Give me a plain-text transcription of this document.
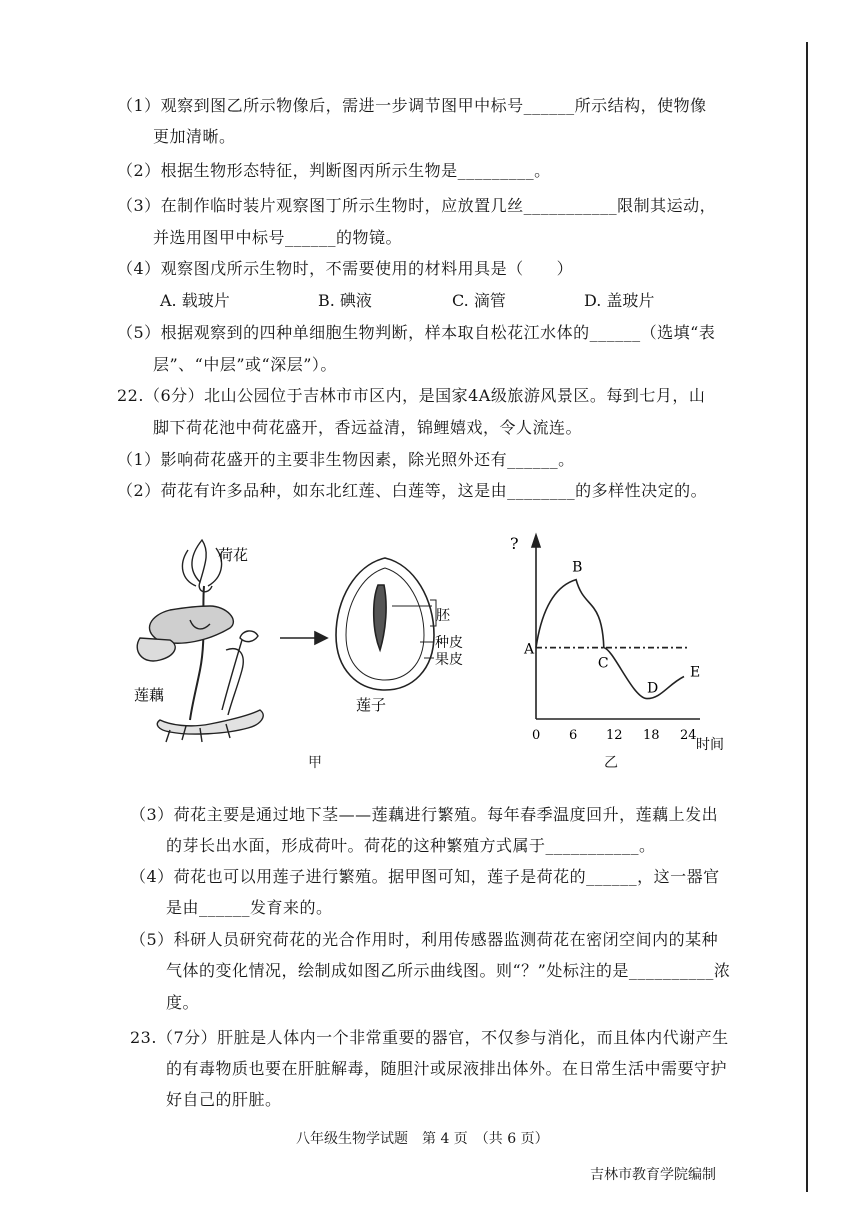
（1）观察到图乙所示物像后，需进一步调节图甲中标号______所示结构，使物像
更加清晰。
（2）根据生物形态特征，判断图丙所示生物是_________。
（3）在制作临时装片观察图丁所示生物时，应放置几丝___________限制其运动，
并选用图甲中标号______的物镜。
（4）观察图戊所示生物时，不需要使用的材料用具是（　　）
A. 载玻片	B. 碘液	C. 滴管	D. 盖玻片
（5）根据观察到的四种单细胞生物判断，样本取自松花江水体的______（选填“表
层”、“中层”或“深层”）。
22.（6分）北山公园位于吉林市市区内，是国家4A级旅游风景区。每到七月，山
脚下荷花池中荷花盛开，香远益清，锦鲤嬉戏，令人流连。
（1）影响荷花盛开的主要非生物因素，除光照外还有______。
（2）荷花有许多品种，如东北红莲、白莲等，这是由________的多样性决定的。
荷花
莲藕
胚
种皮
果皮
莲子
甲
?
时间
0 6 12 18 24
A
B
C
D
E
乙
（3）荷花主要是通过地下茎——莲藕进行繁殖。每年春季温度回升，莲藕上发出
的芽长出水面，形成荷叶。荷花的这种繁殖方式属于___________。
（4）荷花也可以用莲子进行繁殖。据甲图可知，莲子是荷花的______，这一器官
是由______发育来的。
（5）科研人员研究荷花的光合作用时，利用传感器监测荷花在密闭空间内的某种
气体的变化情况，绘制成如图乙所示曲线图。则“？”处标注的是__________浓
度。
23.（7分）肝脏是人体内一个非常重要的器官，不仅参与消化，而且体内代谢产生
的有毒物质也要在肝脏解毒，随胆汁或尿液排出体外。在日常生活中需要守护
好自己的肝脏。
八年级生物学试题　第 4 页　（共 6 页）
吉林市教育学院编制
